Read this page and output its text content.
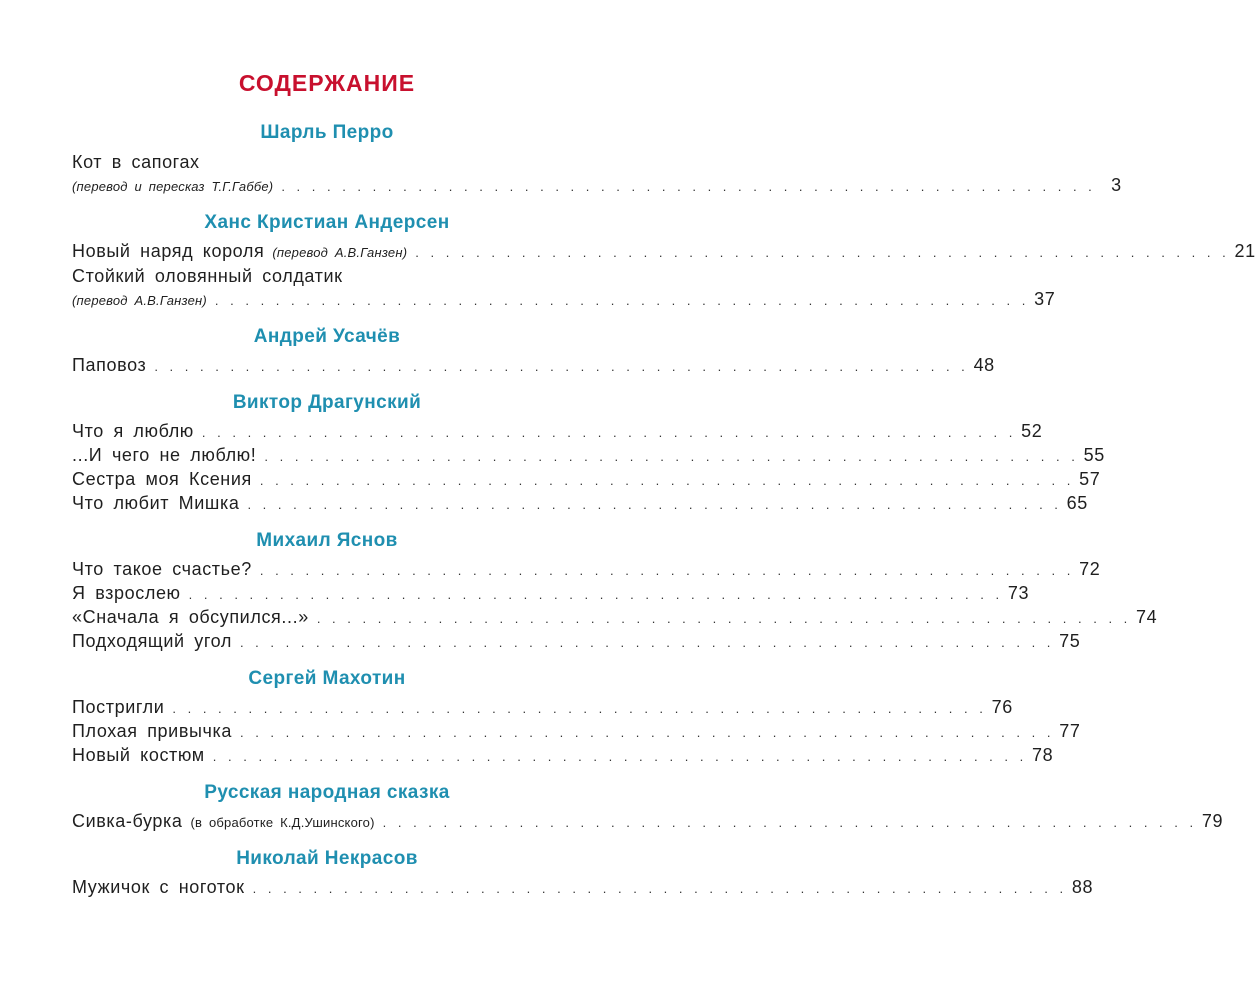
СОДЕРЖАНИЕ
Шарль Перро
Кот в сапогах
(перевод и пересказ Т.Г.Габбе) . . . . . . . . . . . . . . . . . . . . . . . . . . . . . . . . . . . . . . . . . . . . . . . . . . . . . . 3
Ханс Кристиан Андерсен
Новый наряд короля (перевод А.В.Ганзен) . . . . . . . . . . . . . . . . . . . . . . . . . . . . . . . . . . . . . . . . . . . . . . . . . . . . . . 21
Стойкий оловянный солдатик
(перевод А.В.Ганзен) . . . . . . . . . . . . . . . . . . . . . . . . . . . . . . . . . . . . . . . . . . . . . . . . . . . . . . 37
Андрей Усачёв
Паповоз . . . . . . . . . . . . . . . . . . . . . . . . . . . . . . . . . . . . . . . . . . . . . . . . . . . . . . 48
Виктор Драгунский
Что я люблю . . . . . . . . . . . . . . . . . . . . . . . . . . . . . . . . . . . . . . . . . . . . . . . . . . . . . . 52
...И чего не люблю! . . . . . . . . . . . . . . . . . . . . . . . . . . . . . . . . . . . . . . . . . . . . . . . . . . . . . . 55
Сестра моя Ксения . . . . . . . . . . . . . . . . . . . . . . . . . . . . . . . . . . . . . . . . . . . . . . . . . . . . . . 57
Что любит Мишка . . . . . . . . . . . . . . . . . . . . . . . . . . . . . . . . . . . . . . . . . . . . . . . . . . . . . . 65
Михаил Яснов
Что такое счастье? . . . . . . . . . . . . . . . . . . . . . . . . . . . . . . . . . . . . . . . . . . . . . . . . . . . . . . 72
Я взрослею . . . . . . . . . . . . . . . . . . . . . . . . . . . . . . . . . . . . . . . . . . . . . . . . . . . . . . 73
«Сначала я обсупился...» . . . . . . . . . . . . . . . . . . . . . . . . . . . . . . . . . . . . . . . . . . . . . . . . . . . . . . 74
Подходящий угол . . . . . . . . . . . . . . . . . . . . . . . . . . . . . . . . . . . . . . . . . . . . . . . . . . . . . . 75
Сергей Махотин
Постригли . . . . . . . . . . . . . . . . . . . . . . . . . . . . . . . . . . . . . . . . . . . . . . . . . . . . . . 76
Плохая привычка . . . . . . . . . . . . . . . . . . . . . . . . . . . . . . . . . . . . . . . . . . . . . . . . . . . . . . 77
Новый костюм . . . . . . . . . . . . . . . . . . . . . . . . . . . . . . . . . . . . . . . . . . . . . . . . . . . . . . 78
Русская народная сказка
Сивка-бурка (в обработке К.Д.Ушинского) . . . . . . . . . . . . . . . . . . . . . . . . . . . . . . . . . . . . . . . . . . . . . . . . . . . . . . 79
Николай Некрасов
Мужичок с ноготок . . . . . . . . . . . . . . . . . . . . . . . . . . . . . . . . . . . . . . . . . . . . . . . . . . . . . . 88
